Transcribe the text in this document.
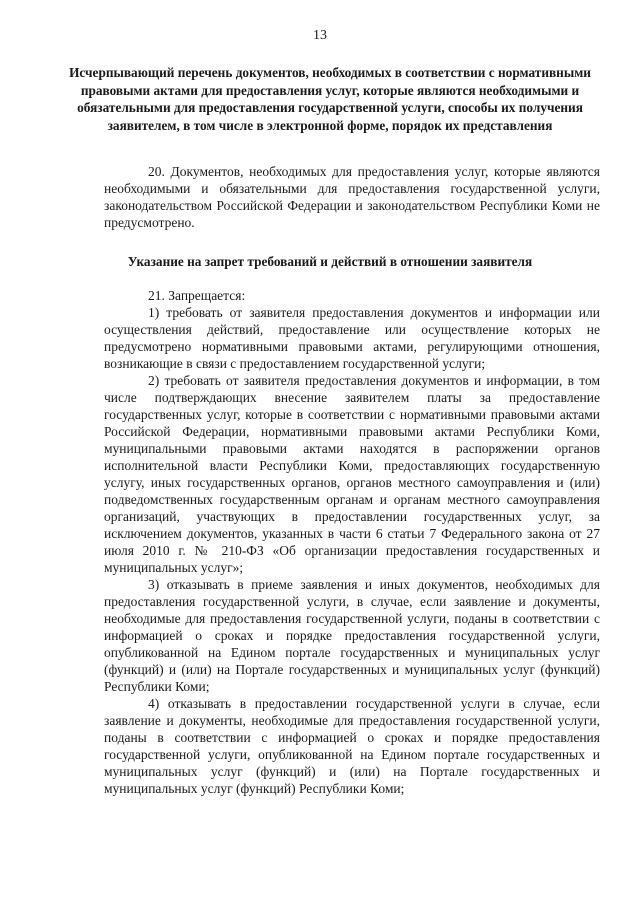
13
Исчерпывающий перечень документов, необходимых в соответствии с нормативными правовыми актами для предоставления услуг, которые являются необходимыми и обязательными для предоставления государственной услуги, способы их получения заявителем, в том числе в электронной форме, порядок их представления

20. Документов, необходимых для предоставления услуг, которые являются необходимыми и обязательными для предоставления государственной услуги, законодательством Российской Федерации и законодательством Республики Коми не предусмотрено.

Указание на запрет требований и действий в отношении заявителя

21. Запрещается:

1) требовать от заявителя предоставления документов и информации или осуществления действий, предоставление или осуществление которых не предусмотрено нормативными правовыми актами, регулирующими отношения, возникающие в связи с предоставлением государственной услуги;

2) требовать от заявителя предоставления документов и информации, в том числе подтверждающих внесение заявителем платы за предоставление государственных услуг, которые в соответствии с нормативными правовыми актами Российской Федерации, нормативными правовыми актами Республики Коми, муниципальными правовыми актами находятся в распоряжении органов исполнительной власти Республики Коми, предоставляющих государственную услугу, иных государственных органов, органов местного самоуправления и (или) подведомственных государственным органам и органам местного самоуправления организаций, участвующих в предоставлении государственных услуг, за исключением документов, указанных в части 6 статьи 7 Федерального закона от 27 июля 2010 г. № 210-ФЗ «Об организации предоставления государственных и муниципальных услуг»;

3) отказывать в приеме заявления и иных документов, необходимых для предоставления государственной услуги, в случае, если заявление и документы, необходимые для предоставления государственной услуги, поданы в соответствии с информацией о сроках и порядке предоставления государственной услуги, опубликованной на Едином портале государственных и муниципальных услуг (функций) и (или) на Портале государственных и муниципальных услуг (функций) Республики Коми;

4) отказывать в предоставлении государственной услуги в случае, если заявление и документы, необходимые для предоставления государственной услуги, поданы в соответствии с информацией о сроках и порядке предоставления государственной услуги, опубликованной на Едином портале государственных и муниципальных услуг (функций) и (или) на Портале государственных и муниципальных услуг (функций) Республики Коми;
